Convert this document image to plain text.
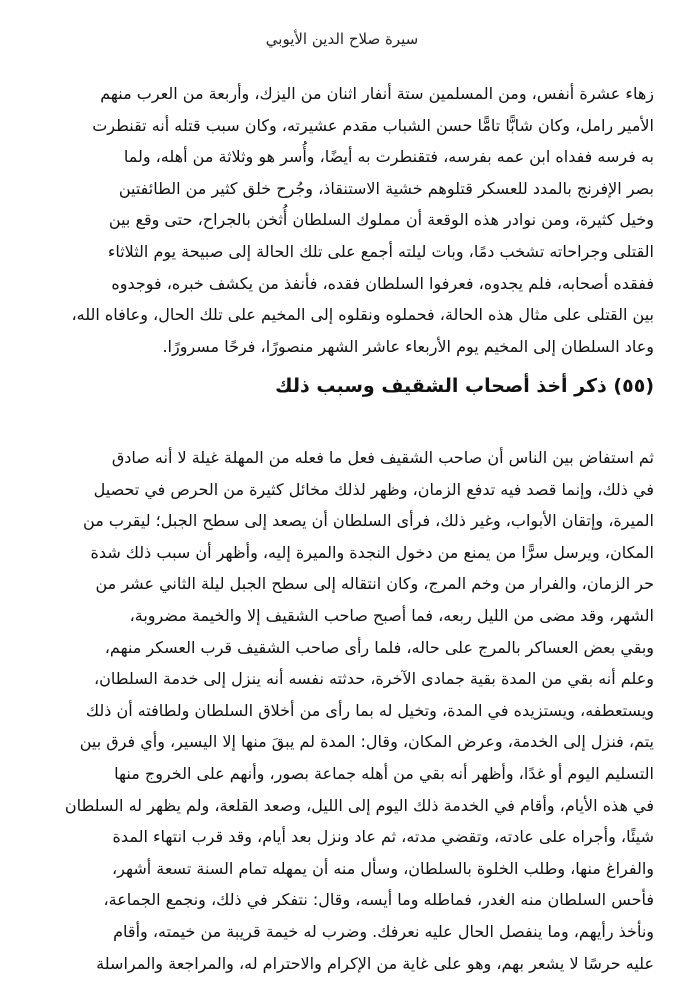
سيرة صلاح الدين الأيوبي
زهاء عشرة أنفس، ومن المسلمين ستة أنفار اثنان من اليزك، وأربعة من العرب منهم
الأمير رامل، وكان شابًّا تامًّا حسن الشباب مقدم عشيرته، وكان سبب قتله أنه تقنطرت
به فرسه ففداه ابن عمه بفرسه، فتقنطرت به أيضًا، وأُسر هو وثلاثة من أهله، ولما
بصر الإفرنج بالمدد للعسكر قتلوهم خشية الاستنقاذ، وجُرح خلق كثير من الطائفتين
وخيل كثيرة، ومن نوادر هذه الوقعة أن مملوك السلطان أُثخن بالجراح، حتى وقع بين
القتلى وجراحاته تشخب دمًا، وبات ليلته أجمع على تلك الحالة إلى صبيحة يوم الثلاثاء
ففقده أصحابه، فلم يجدوه، فعرفوا السلطان فقده، فأنفذ من يكشف خبره، فوجدوه
بين القتلى على مثال هذه الحالة، فحملوه ونقلوه إلى المخيم على تلك الحال، وعافاه الله،
وعاد السلطان إلى المخيم يوم الأربعاء عاشر الشهر منصورًا، فرحًا مسرورًا.
(٥٥) ذكر أخذ أصحاب الشقيف وسبب ذلك
ثم استفاض بين الناس أن صاحب الشقيف فعل ما فعله من المهلة غيلة لا أنه صادق
في ذلك، وإنما قصد فيه تدفع الزمان، وظهر لذلك مخائل كثيرة من الحرص في تحصيل
الميرة، وإتقان الأبواب، وغير ذلك، فرأى السلطان أن يصعد إلى سطح الجبل؛ ليقرب من
المكان، ويرسل سرًّا من يمنع من دخول النجدة والميرة إليه، وأظهر أن سبب ذلك شدة
حر الزمان، والفرار من وخم المرج، وكان انتقاله إلى سطح الجبل ليلة الثاني عشر من
الشهر، وقد مضى من الليل ربعه، فما أصبح صاحب الشقيف إلا والخيمة مضروبة،
وبقي بعض العساكر بالمرج على حاله، فلما رأى صاحب الشقيف قرب العسكر منهم،
وعلم أنه بقي من المدة بقية جمادى الآخرة، حدثته نفسه أنه ينزل إلى خدمة السلطان،
ويستعطفه، ويستزيده في المدة، وتخيل له بما رأى من أخلاق السلطان ولطافته أن ذلك
يتم، فنزل إلى الخدمة، وعرض المكان، وقال: المدة لم يبقَ منها إلا اليسير، وأي فرق بين
التسليم اليوم أو غدًا، وأظهر أنه بقي من أهله جماعة بصور، وأنهم على الخروج منها
في هذه الأيام، وأقام في الخدمة ذلك اليوم إلى الليل، وصعد القلعة، ولم يظهر له السلطان
شيئًا، وأجراه على عادته، وتقضي مدته، ثم عاد ونزل بعد أيام، وقد قرب انتهاء المدة
والفراغ منها، وطلب الخلوة بالسلطان، وسأل منه أن يمهله تمام السنة تسعة أشهر،
فأحس السلطان منه الغدر، فماطله وما أيسه، وقال: نتفكر في ذلك، ونجمع الجماعة،
ونأخذ رأيهم، وما ينفصل الحال عليه نعرفك. وضرب له خيمة قريبة من خيمته، وأقام
عليه حرسًا لا يشعر بهم، وهو على غاية من الإكرام والاحترام له، والمراجعة والمراسلة
